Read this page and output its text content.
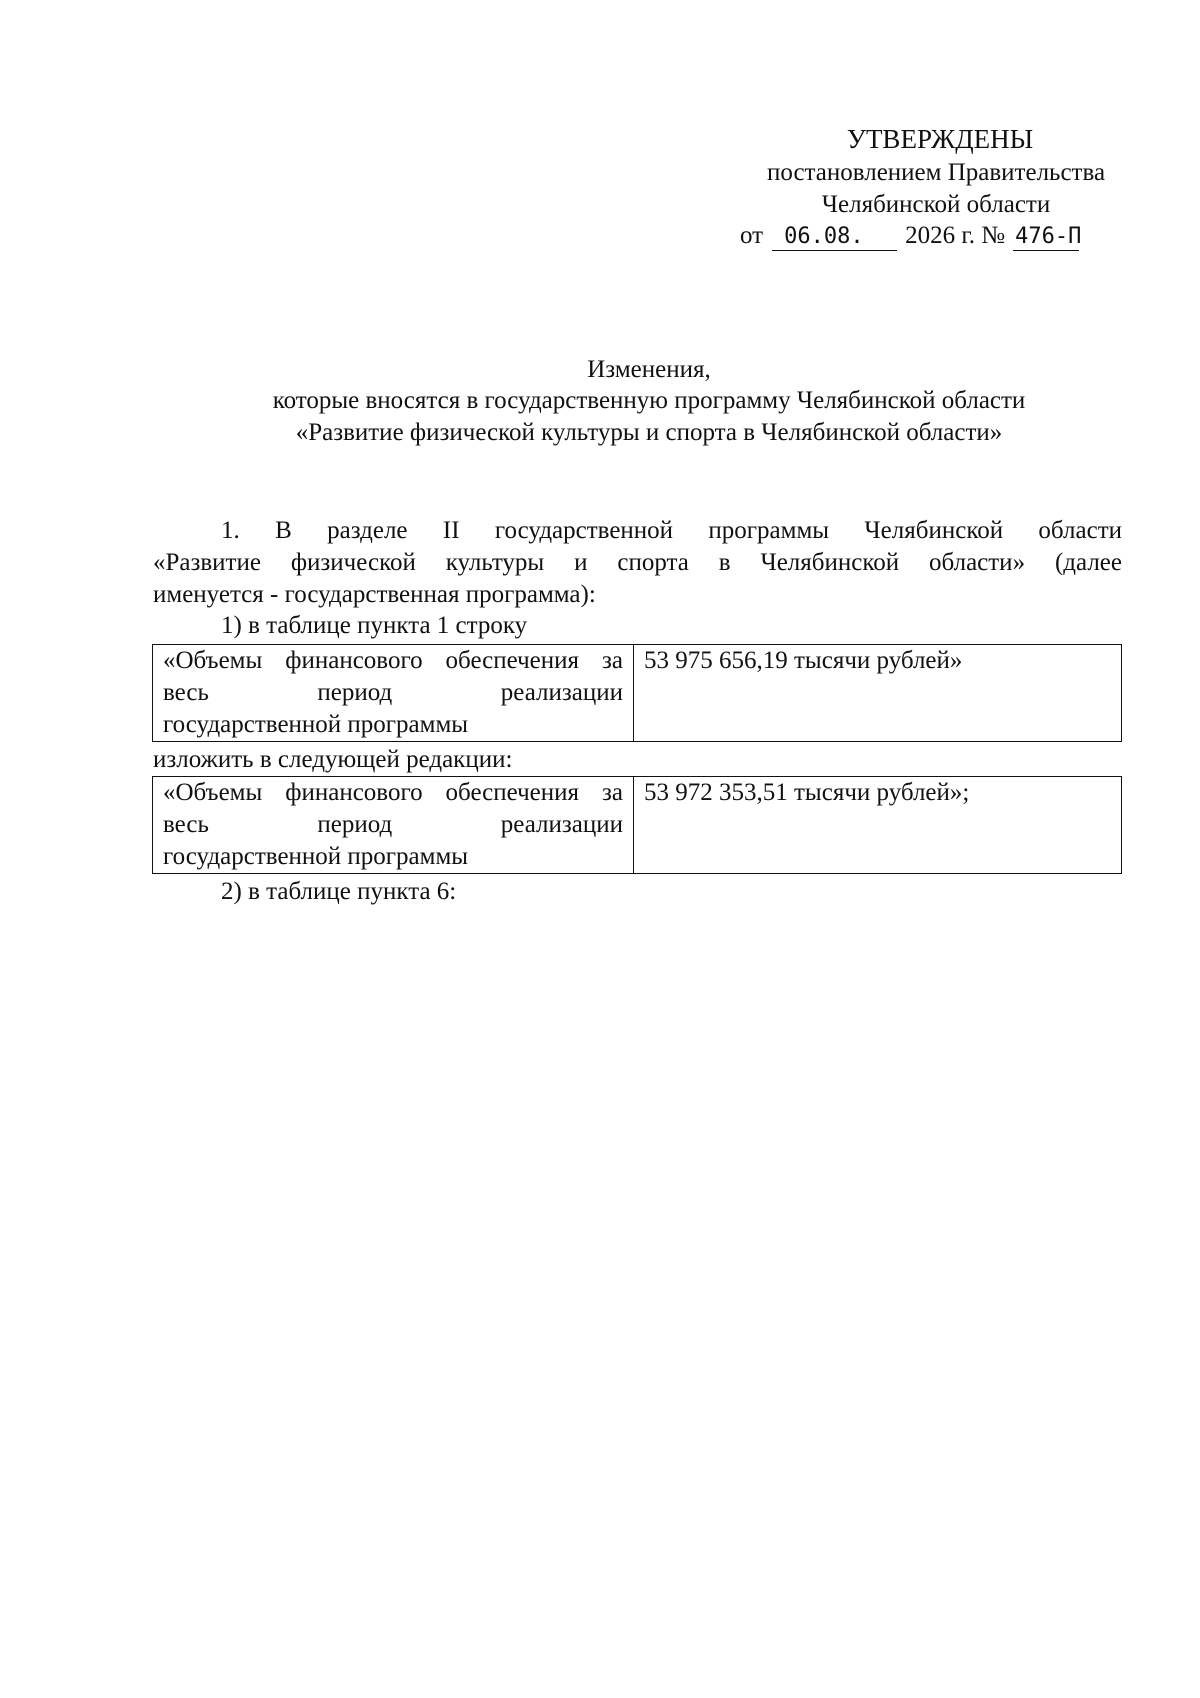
УТВЕРЖДЕНЫ
постановлением Правительства
Челябинской области
от 06.08.	2026 г. № 476-П
Изменения,
которые вносятся в государственную программу Челябинской области
«Развитие физической культуры и спорта в Челябинской области»
1. В разделе II государственной программы Челябинской области
«Развитие физической культуры и спорта в Челябинской области» (далее
именуется - государственная программа):
1) в таблице пункта 1 строку
«Объемы финансового обеспечения за
весь период реализации
государственной программы	53 975 656,19 тысячи рублей»
изложить в следующей редакции:
«Объемы финансового обеспечения за
весь период реализации
государственной программы	53 972 353,51 тысячи рублей»;
2) в таблице пункта 6:
